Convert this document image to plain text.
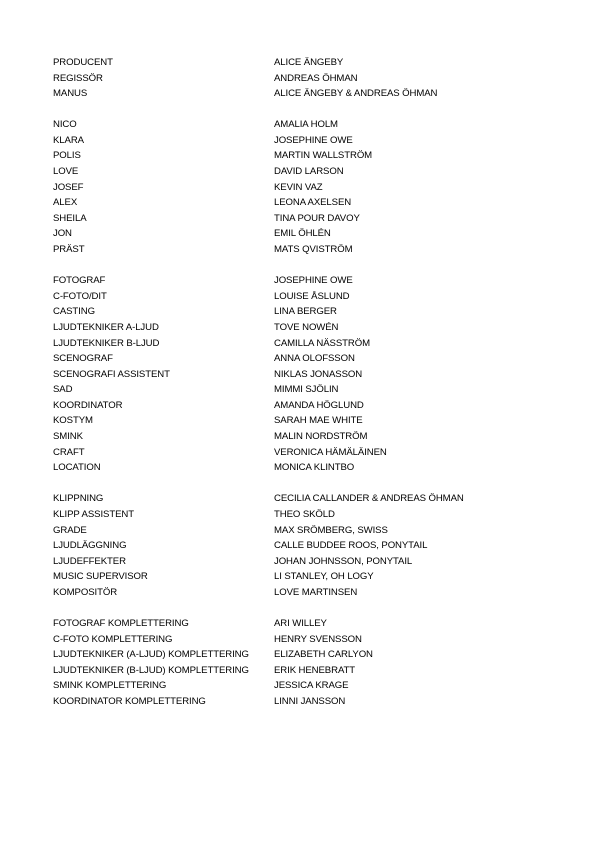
PRODUCENT	ALICE ÄNGEBY
REGISSÖR	ANDREAS ÖHMAN
MANUS	ALICE ÄNGEBY & ANDREAS ÖHMAN
NICO	AMALIA HOLM
KLARA	JOSEPHINE OWE
POLIS	MARTIN WALLSTRÖM
LOVE	DAVID LARSON
JOSEF	KEVIN VAZ
ALEX	LEONA AXELSEN
SHEILA	TINA POUR DAVOY
JON	EMIL ÖHLÉN
PRÄST	MATS QVISTRÖM
FOTOGRAF	JOSEPHINE OWE
C-FOTO/DIT	LOUISE ÅSLUND
CASTING	LINA BERGER
LJUDTEKNIKER A-LJUD	TOVE NOWÉN
LJUDTEKNIKER B-LJUD	CAMILLA NÄSSTRÖM
SCENOGRAF	ANNA OLOFSSON
SCENOGRAFI ASSISTENT	NIKLAS JONASSON
SAD	MIMMI SJÖLIN
KOORDINATOR	AMANDA HÖGLUND
KOSTYM	SARAH MAE WHITE
SMINK	MALIN NORDSTRÖM
CRAFT	VERONICA HÄMÄLÄINEN
LOCATION	MONICA KLINTBO
KLIPPNING	CECILIA CALLANDER & ANDREAS ÖHMAN
KLIPP ASSISTENT	THEO SKÖLD
GRADE	MAX SRÖMBERG, SWISS
LJUDLÄGGNING	CALLE BUDDEE ROOS, PONYTAIL
LJUDEFFEKTER	JOHAN JOHNSSON, PONYTAIL
MUSIC SUPERVISOR	LI STANLEY, OH LOGY
KOMPOSITÖR	LOVE MARTINSEN
FOTOGRAF KOMPLETTERING	ARI WILLEY
C-FOTO KOMPLETTERING	HENRY SVENSSON
LJUDTEKNIKER (A-LJUD) KOMPLETTERING	ELIZABETH CARLYON
LJUDTEKNIKER (B-LJUD) KOMPLETTERING	ERIK HENEBRATT
SMINK KOMPLETTERING	JESSICA KRAGE
KOORDINATOR KOMPLETTERING	LINNI JANSSON
